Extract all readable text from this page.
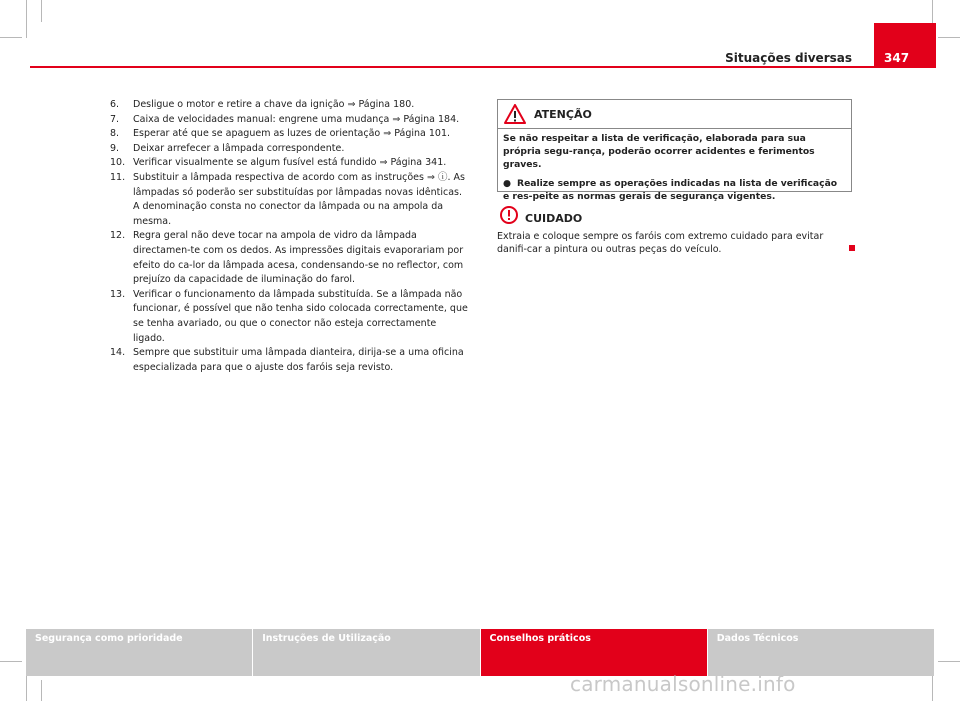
Situações diversas	347
6. Desligue o motor e retire a chave da ignição ⇒ Página 180.
7. Caixa de velocidades manual: engrene uma mudança ⇒ Página 184.
8. Esperar até que se apaguem as luzes de orientação ⇒ Página 101.
9. Deixar arrefecer a lâmpada correspondente.
10. Verificar visualmente se algum fusível está fundido ⇒ Página 341.
11. Substituir a lâmpada respectiva de acordo com as instruções ⇒ ⓘ. As lâmpadas só poderão ser substituídas por lâmpadas novas idênticas. A denominação consta no conector da lâmpada ou na ampola da mesma.
12. Regra geral não deve tocar na ampola de vidro da lâmpada directamen-te com os dedos. As impressões digitais evaporariam por efeito do ca-lor da lâmpada acesa, condensando-se no reflector, com prejuízo da capacidade de iluminação do farol.
13. Verificar o funcionamento da lâmpada substituída. Se a lâmpada não funcionar, é possível que não tenha sido colocada correctamente, que se tenha avariado, ou que o conector não esteja correctamente ligado.
14. Sempre que substituir uma lâmpada dianteira, dirija-se a uma oficina especializada para que o ajuste dos faróis seja revisto.
ATENÇÃO

Se não respeitar a lista de verificação, elaborada para sua própria segu-rança, poderão ocorrer acidentes e ferimentos graves.

● Realize sempre as operações indicadas na lista de verificação e res-peite as normas gerais de segurança vigentes.

CUIDADO
Extraia e coloque sempre os faróis com extremo cuidado para evitar danifi-car a pintura ou outras peças do veículo.
Segurança como prioridade	Instruções de Utilização	Conselhos práticos	Dados Técnicos
carmanualsonline.info
